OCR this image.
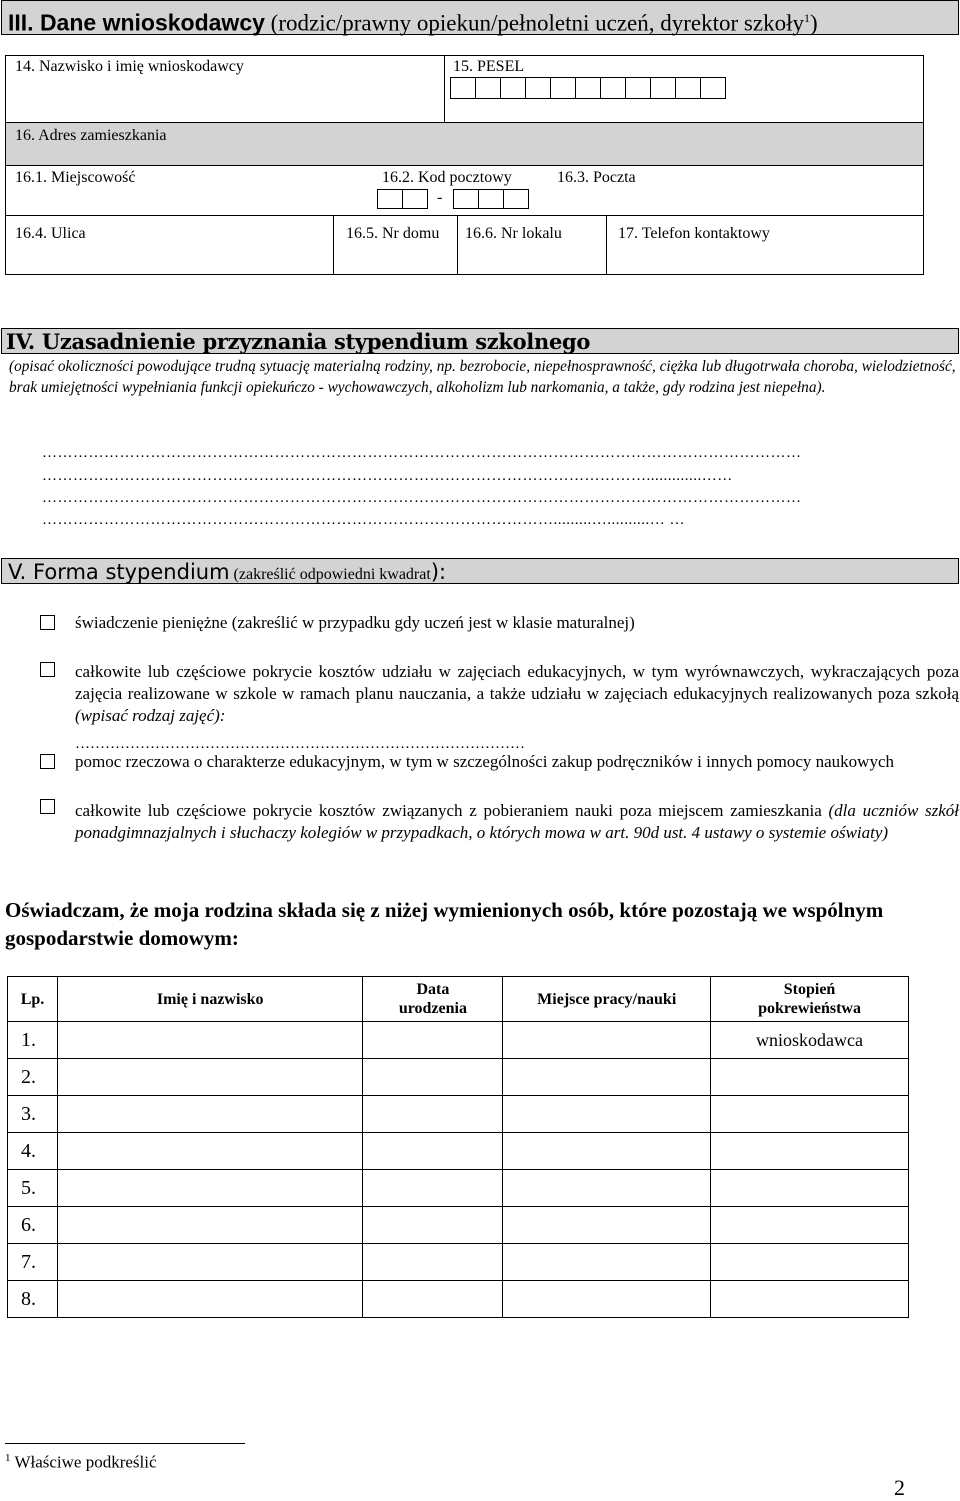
III. Dane wnioskodawcy (rodzic/prawny opiekun/pełnoletni uczeń, dyrektor szkoły$^1$)
14. Nazwisko i imię wnioskodawcy	15. PESEL
16. Adres zamieszkania
16.1. Miejscowość	16.2. Kod pocztowy	16.3. Poczta
-
16.4. Ulica	16.5. Nr domu 16.6. Nr lokalu	17. Telefon kontaktowy
IV. Uzasadnienie przyznania stypendium szkolnego
(opisać okoliczności powodujące trudną sytuację materialną rodziny, np. bezrobocie, niepełnosprawność, ciężka lub długotrwała choroba, wielodzietność, brak umiejętności wypełniania funkcji opiekuńczo - wychowawczych, alkoholizm lub narkomania, a także, gdy rodzina jest niepełna).
…………………………………………………………………………………………………………………………………
……………………………………………………………………………………………………….............……
…………………………………………………………………………………………………………………………………
……………………………………………………………………………………….........…..........… …
V. Forma stypendium (zakreślić odpowiedni kwadrat):
świadczenie pieniężne (zakreślić w przypadku gdy uczeń jest w klasie maturalnej)
całkowite lub częściowe pokrycie kosztów udziału w zajęciach edukacyjnych, w tym wyrównawczych, wykraczających poza zajęcia realizowane w szkole w ramach planu nauczania, a także udziału w zajęciach edukacyjnych realizowanych poza szkołą (wpisać rodzaj zajęć):
………………………………………………………………………………
pomoc rzeczowa o charakterze edukacyjnym, w tym w szczególności zakup podręczników i innych pomocy naukowych
całkowite lub częściowe pokrycie kosztów związanych z pobieraniem nauki poza miejscem zamieszkania (dla uczniów szkół ponadgimnazjalnych i słuchaczy kolegiów w przypadkach, o których mowa w art. 90d ust. 4 ustawy o systemie oświaty)
Oświadczam, że moja rodzina składa się z niżej wymienionych osób, które pozostają we wspólnym gospodarstwie domowym:
Lp.	Imię i nazwisko	Data urodzenia	Miejsce pracy/nauki	Stopień pokrewieństwa
1.				wnioskodawca
2.				
3.				
4.				
5.				
6.				
7.				
8.				
$^1$ Właściwe podkreślić
2
